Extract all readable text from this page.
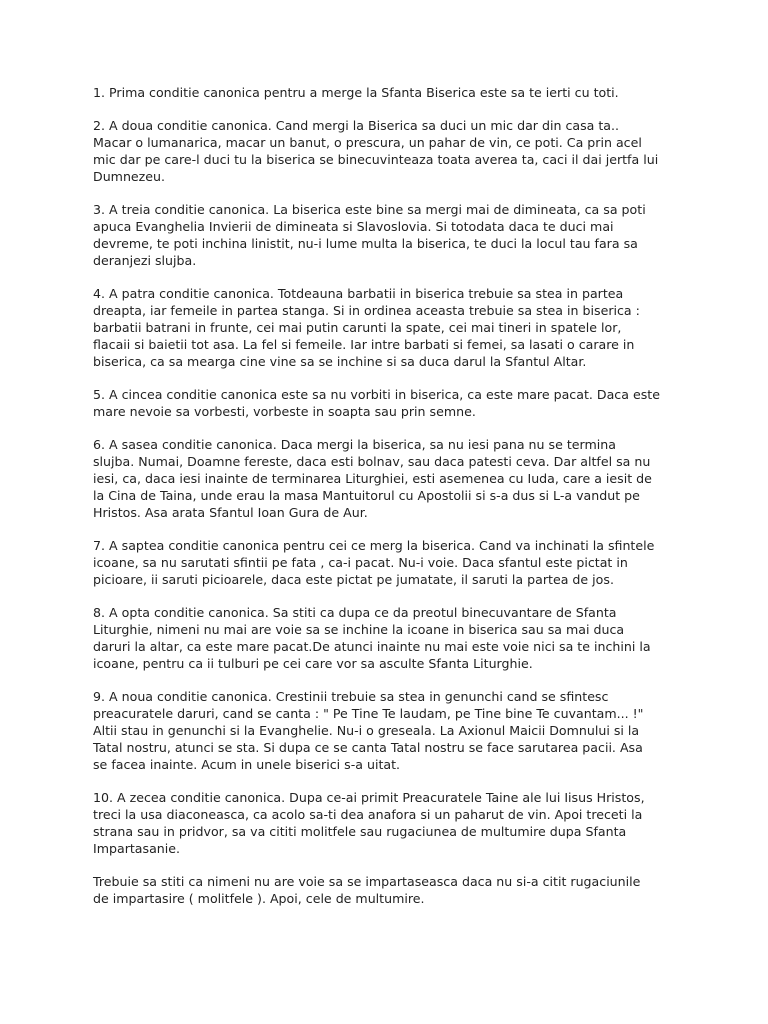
1. Prima conditie canonica pentru a merge la Sfanta Biserica este sa te ierti cu toti.

2. A doua conditie canonica. Cand mergi la Biserica sa duci un mic dar din casa ta..
Macar o lumanarica, macar un banut, o prescura, un pahar de vin, ce poti. Ca prin acel
mic dar pe care-l duci tu la biserica se binecuvinteaza toata averea ta, caci il dai jertfa lui
Dumnezeu.

3. A treia conditie canonica. La biserica este bine sa mergi mai de dimineata, ca sa poti
apuca Evanghelia Invierii de dimineata si Slavoslovia. Si totodata daca te duci mai
devreme, te poti inchina linistit, nu-i lume multa la biserica, te duci la locul tau fara sa
deranjezi slujba.

4. A patra conditie canonica. Totdeauna barbatii in biserica trebuie sa stea in partea
dreapta, iar femeile in partea stanga. Si in ordinea aceasta trebuie sa stea in biserica :
barbatii batrani in frunte, cei mai putin carunti la spate, cei mai tineri in spatele lor,
flacaii si baietii tot asa. La fel si femeile. Iar intre barbati si femei, sa lasati o carare in
biserica, ca sa mearga cine vine sa se inchine si sa duca darul la Sfantul Altar.

5. A cincea conditie canonica este sa nu vorbiti in biserica, ca este mare pacat. Daca este
mare nevoie sa vorbesti, vorbeste in soapta sau prin semne.

6. A sasea conditie canonica. Daca mergi la biserica, sa nu iesi pana nu se termina
slujba. Numai, Doamne fereste, daca esti bolnav, sau daca patesti ceva. Dar altfel sa nu
iesi, ca, daca iesi inainte de terminarea Liturghiei, esti asemenea cu Iuda, care a iesit de
la Cina de Taina, unde erau la masa Mantuitorul cu Apostolii si s-a dus si L-a vandut pe
Hristos. Asa arata Sfantul Ioan Gura de Aur.

7. A saptea conditie canonica pentru cei ce merg la biserica. Cand va inchinati la sfintele
icoane, sa nu sarutati sfintii pe fata , ca-i pacat. Nu-i voie. Daca sfantul este pictat in
picioare, ii saruti picioarele, daca este pictat pe jumatate, il saruti la partea de jos.

8. A opta conditie canonica. Sa stiti ca dupa ce da preotul binecuvantare de Sfanta
Liturghie, nimeni nu mai are voie sa se inchine la icoane in biserica sau sa mai duca
daruri la altar, ca este mare pacat.De atunci inainte nu mai este voie nici sa te inchini la
icoane, pentru ca ii tulburi pe cei care vor sa asculte Sfanta Liturghie.

9. A noua conditie canonica. Crestinii trebuie sa stea in genunchi cand se sfintesc
preacuratele daruri, cand se canta : " Pe Tine Te laudam, pe Tine bine Te cuvantam... !"
Altii stau in genunchi si la Evanghelie. Nu-i o greseala. La Axionul Maicii Domnului si la
Tatal nostru, atunci se sta. Si dupa ce se canta Tatal nostru se face sarutarea pacii. Asa
se facea inainte. Acum in unele biserici s-a uitat.

10. A zecea conditie canonica. Dupa ce-ai primit Preacuratele Taine ale lui Iisus Hristos,
treci la usa diaconeasca, ca acolo sa-ti dea anafora si un paharut de vin. Apoi treceti la
strana sau in pridvor, sa va cititi molitfele sau rugaciunea de multumire dupa Sfanta
Impartasanie.

Trebuie sa stiti ca nimeni nu are voie sa se impartaseasca daca nu si-a citit rugaciunile
de impartasire ( molitfele ). Apoi, cele de multumire.
